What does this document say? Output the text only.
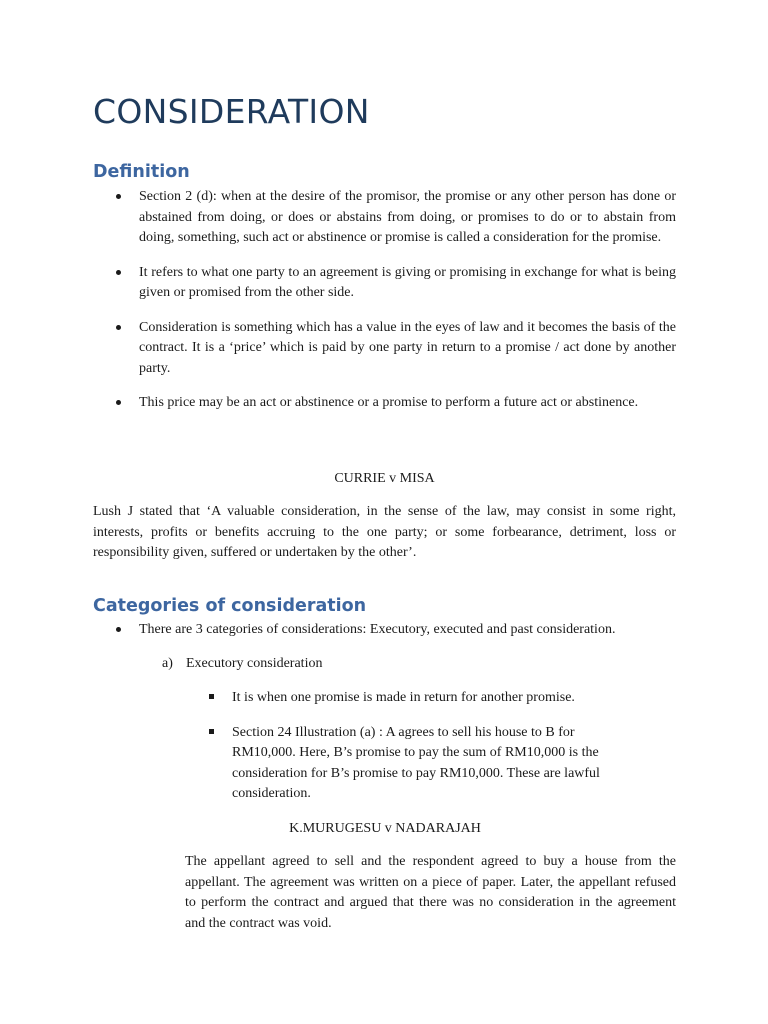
CONSIDERATION
Definition
Section 2 (d): when at the desire of the promisor, the promise or any other person has done or abstained from doing, or does or abstains from doing, or promises to do or to abstain from doing, something, such act or abstinence or promise is called a consideration for the promise.
It refers to what one party to an agreement is giving or promising in exchange for what is being given or promised from the other side.
Consideration is something which has a value in the eyes of law and it becomes the basis of the contract. It is a ‘price’ which is paid by one party in return to a promise / act done by another party.
This price may be an act or abstinence or a promise to perform a future act or abstinence.

CURRIE v MISA

Lush J stated that ‘A valuable consideration, in the sense of the law, may consist in some right, interests, profits or benefits accruing to the one party; or some forbearance, detriment, loss or responsibility given, suffered or undertaken by the other’.

Categories of consideration
There are 3 categories of considerations: Executory, executed and past consideration.

a) Executory consideration

It is when one promise is made in return for another promise.
Section 24 Illustration (a) : A agrees to sell his house to B for RM10,000. Here, B’s promise to pay the sum of RM10,000 is the consideration for B’s promise to pay RM10,000. These are lawful consideration.

K.MURUGESU v NADARAJAH

The appellant agreed to sell and the respondent agreed to buy a house from the appellant. The agreement was written on a piece of paper. Later, the appellant refused to perform the contract and argued that there was no consideration in the agreement and the contract was void.
